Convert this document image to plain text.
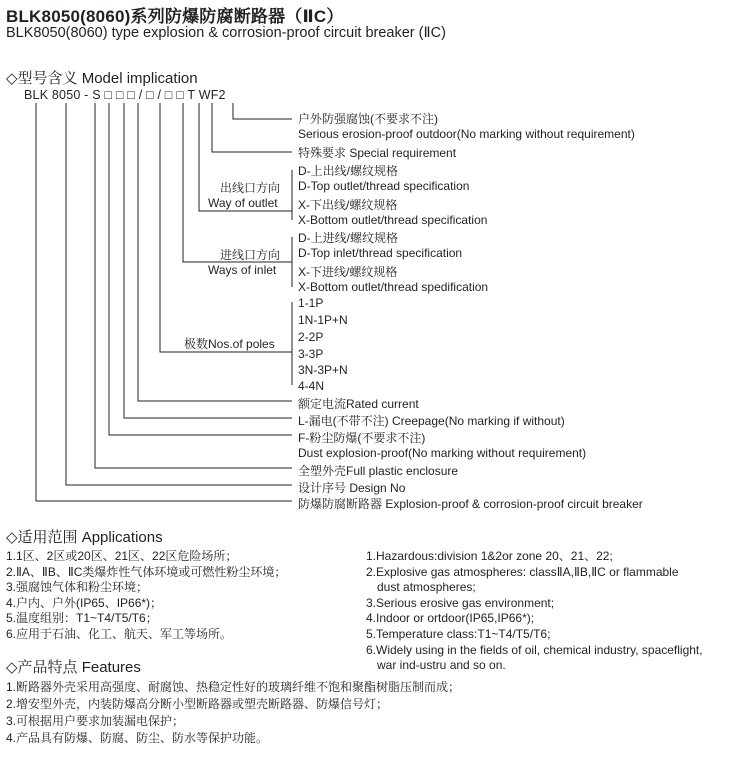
BLK8050(8060)系列防爆防腐断路器（ⅡC）
BLK8050(8060) type explosion & corrosion-proof circuit breaker (ⅡC)
◇型号含义 Model implication
BLK 8050 - S □ □ □ / □ / □ □ T WF2
户外防强腐蚀(不要求不注)
Serious erosion-proof outdoor(No marking without requirement)
特殊要求 Special requirement
出线口方向
Way of outlet
D-上出线/螺纹规格
D-Top outlet/thread specification
X-下出线/螺纹规格
X-Bottom outlet/thread specification
进线口方向
Ways of inlet
D-上进线/螺纹规格
D-Top inlet/thread specification
X-下进线/螺纹规格
X-Bottom outlet/thread spedification
极数Nos.of poles
1-1P
1N-1P+N
2-2P
3-3P
3N-3P+N
4-4N
额定电流Rated current
L-漏电(不带不注) Creepage(No marking if without)
F-粉尘防爆(不要求不注)
Dust explosion-proof(No marking without requirement)
全塑外壳Full plastic enclosure
设计序号 Design No
防爆防腐断路器 Explosion-proof & corrosion-proof circuit breaker
◇适用范围 Applications
1.1区、2区或20区、21区、22区危险场所；
2.ⅡA、ⅡB、ⅡC类爆炸性气体环境或可燃性粉尘环境；
3.强腐蚀气体和粉尘环境；
4.户内、户外(IP65、IP66*)；
5.温度组别：T1~T4/T5/T6；
6.应用于石油、化工、航天、军工等场所。
1.Hazardous:division 1&2or zone 20、21、22;
2.Explosive gas atmospheres: classⅡA,ⅡB,ⅡC or flammable
dust atmospheres;
3.Serious erosive gas environment;
4.Indoor or ortdoor(IP65,IP66*);
5.Temperature class:T1~T4/T5/T6;
6.Widely using in the fields of oil, chemical industry, spaceflight,
war ind-ustru and so on.
◇产品特点 Features
1.断路器外壳采用高强度、耐腐蚀、热稳定性好的玻璃纤维不饱和聚酯树脂压制而成；
2.增安型外壳，内装防爆高分断小型断路器或塑壳断路器、防爆信号灯；
3.可根据用户要求加装漏电保护；
4.产品具有防爆、防腐、防尘、防水等保护功能。
